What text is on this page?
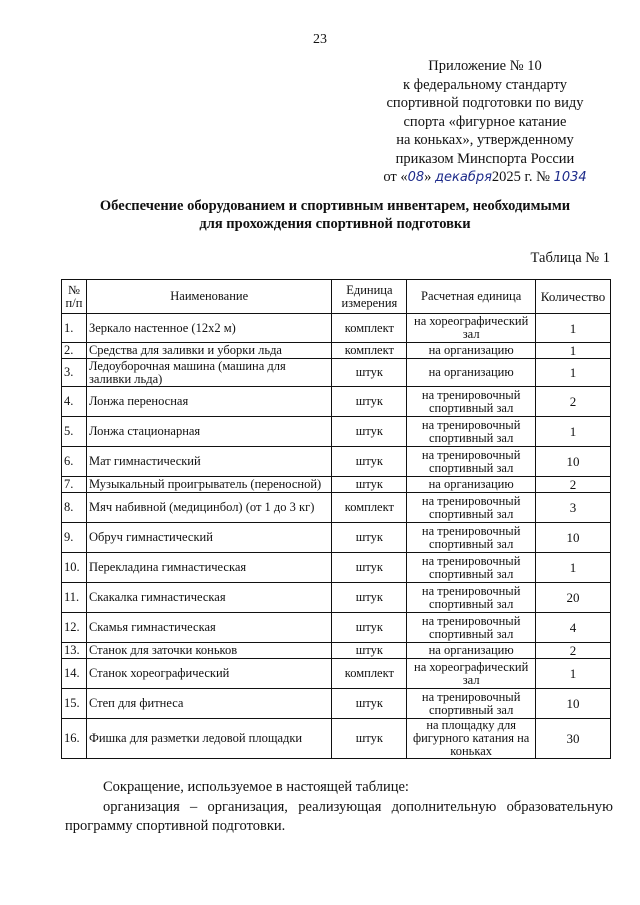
23
Приложение № 10
к федеральному стандарту
спортивной подготовки по виду
спорта «фигурное катание
на коньках», утвержденному
приказом Минспорта России
от «08» декабря2025 г. № 1034
Обеспечение оборудованием и спортивным инвентарем, необходимыми
для прохождения спортивной подготовки
Таблица № 1
№ п/п	Наименование	Единица измерения	Расчетная единица	Количество
1.	Зеркало настенное (12х2 м)	комплект	на хореографический зал	1
2.	Средства для заливки и уборки льда	комплект	на организацию	1
3.	Ледоуборочная машина (машина для заливки льда)	штук	на организацию	1
4.	Лонжа переносная	штук	на тренировочный спортивный зал	2
5.	Лонжа стационарная	штук	на тренировочный спортивный зал	1
6.	Мат гимнастический	штук	на тренировочный спортивный зал	10
7.	Музыкальный проигрыватель (переносной)	штук	на организацию	2
8.	Мяч набивной (медицинбол) (от 1 до 3 кг)	комплект	на тренировочный спортивный зал	3
9.	Обруч гимнастический	штук	на тренировочный спортивный зал	10
10.	Перекладина гимнастическая	штук	на тренировочный спортивный зал	1
11.	Скакалка гимнастическая	штук	на тренировочный спортивный зал	20
12.	Скамья гимнастическая	штук	на тренировочный спортивный зал	4
13.	Станок для заточки коньков	штук	на организацию	2
14.	Станок хореографический	комплект	на хореографический зал	1
15.	Степ для фитнеса	штук	на тренировочный спортивный зал	10
16.	Фишка для разметки ледовой площадки	штук	на площадку для фигурного катания на коньках	30

Сокращение, используемое в настоящей таблице:

организация – организация, реализующая дополнительную образовательную программу спортивной подготовки.
